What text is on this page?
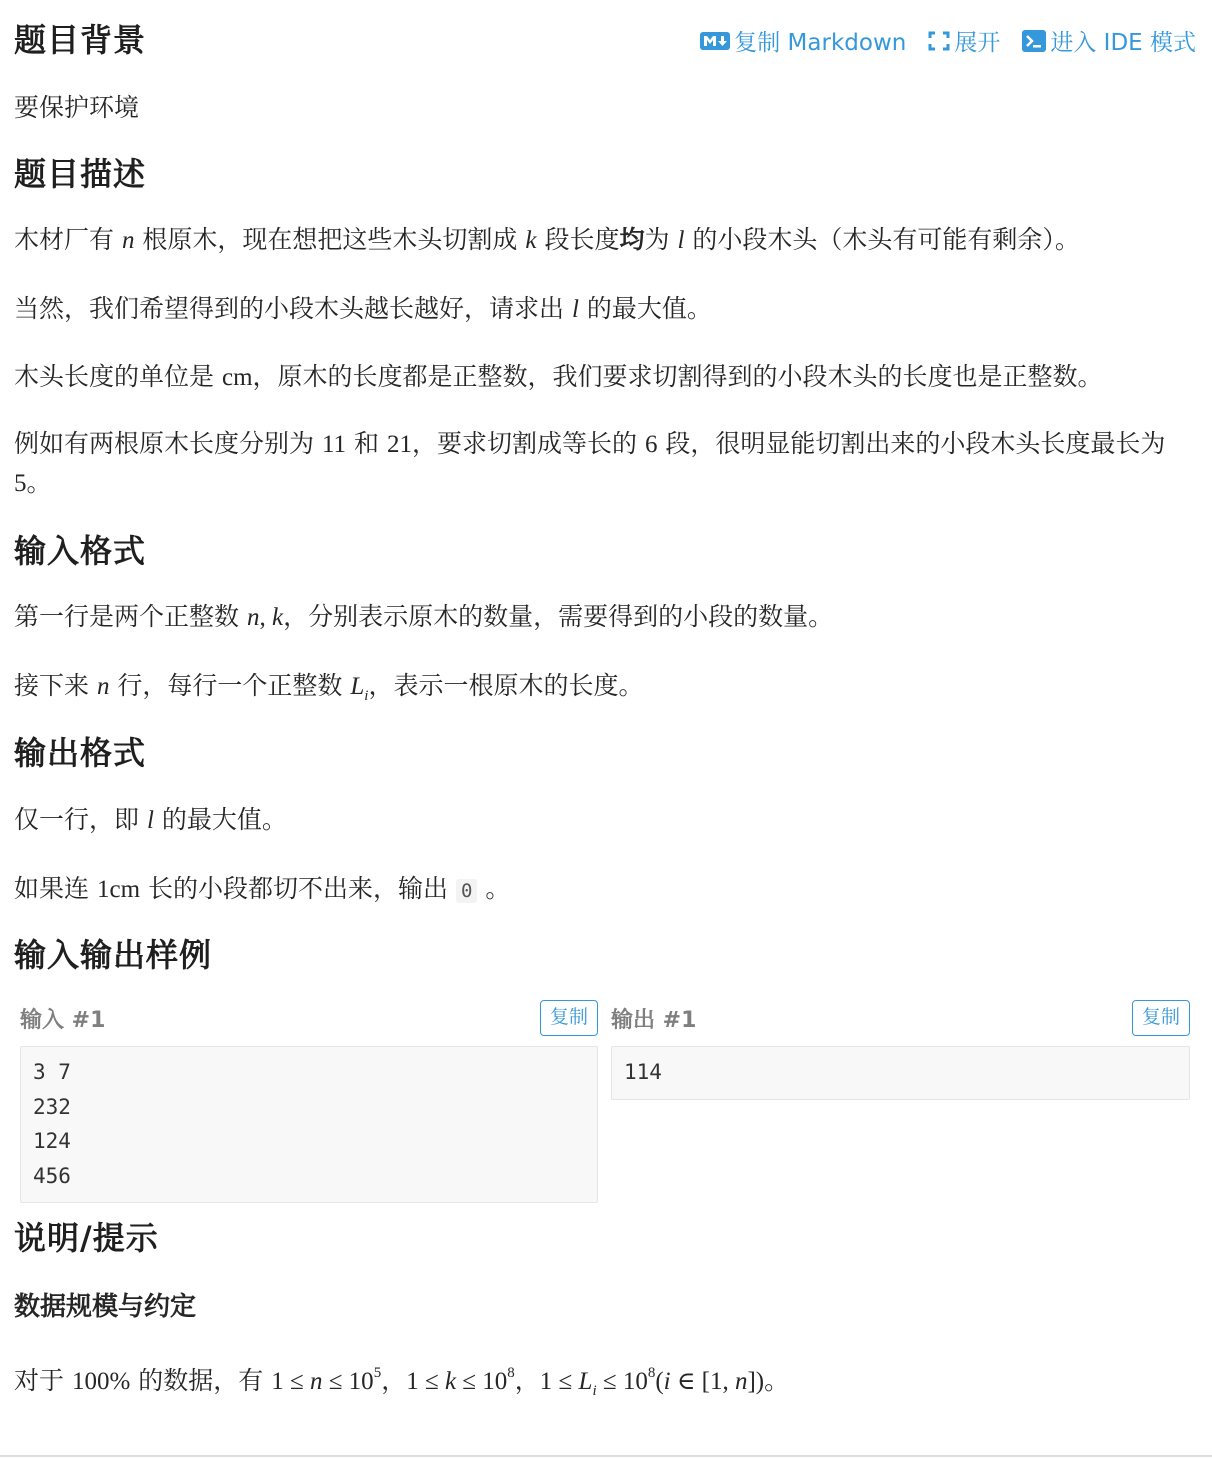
复制 Markdown 展开 进入 IDE 模式
题目背景
要保护环境
题目描述
木材厂有 n 根原木，现在想把这些木头切割成 k 段长度均为 l 的小段木头（木头有可能有剩余）。
当然，我们希望得到的小段木头越长越好，请求出 l 的最大值。
木头长度的单位是 cm，原木的长度都是正整数，我们要求切割得到的小段木头的长度也是正整数。
例如有两根原木长度分别为 11 和 21，要求切割成等长的 6 段，很明显能切割出来的小段木头长度最长为 5。
输入格式
第一行是两个正整数 n, k，分别表示原木的数量，需要得到的小段的数量。
接下来 n 行，每行一个正整数 $L_i$，表示一根原木的长度。
输出格式
仅一行，即 l 的最大值。
如果连 1cm 长的小段都切不出来，输出 0 。
输入输出样例
输入 #1	复制	输出 #1	复制
3 7
232
124
456
114
说明/提示
数据规模与约定
对于 100% 的数据，有 $1 \le n \le 10^5$，$1 \le k \le 10^8$，$1 \le L_i \le 10^8(i$ ∈ [1, n])。
